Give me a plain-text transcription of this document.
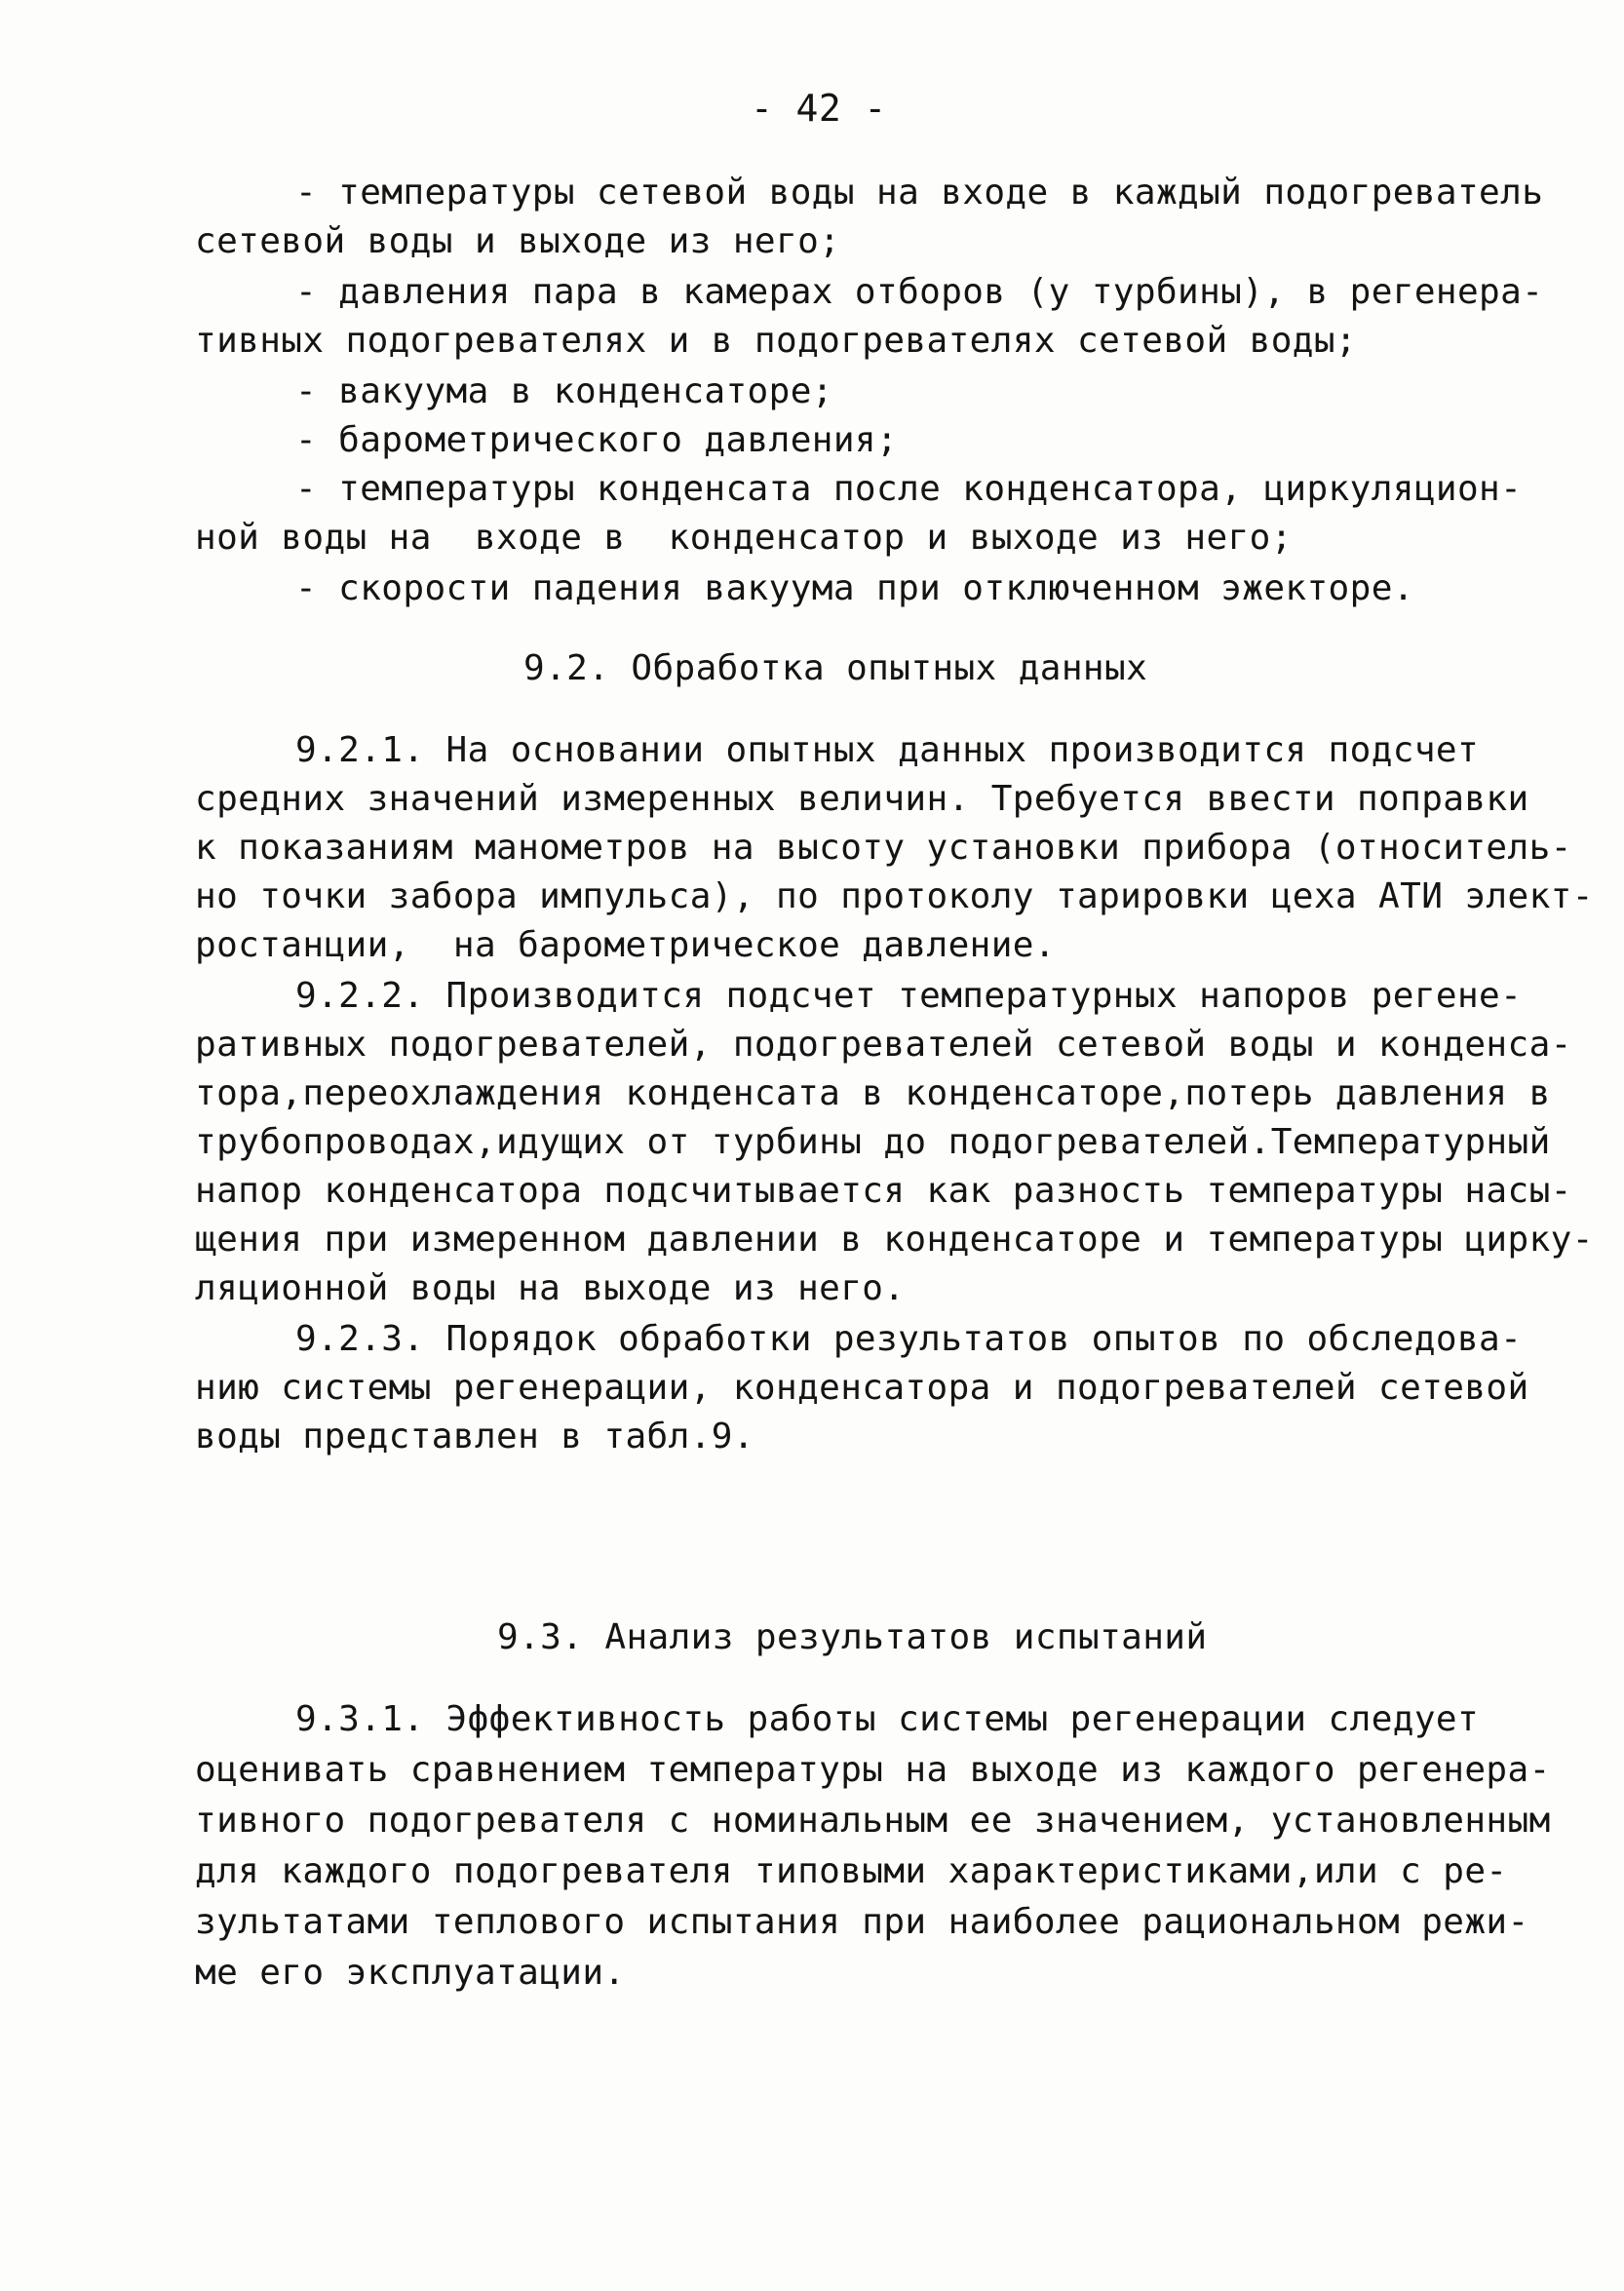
- 42 -
- температуры сетевой воды на входе в каждый подогреватель
сетевой воды и выходе из него;
- давления пара в камерах отборов (у турбины), в регенера-
тивных подогревателях и в подогревателях сетевой воды;
- вакуума в конденсаторе;
- барометрического давления;
- температуры конденсата после конденсатора, циркуляцион-
ной воды на  входе в  конденсатор и выходе из него;
- скорости падения вакуума при отключенном эжекторе.
9.2. Обработка опытных данных
9.2.1. На основании опытных данных производится подсчет
средних значений измеренных величин. Требуется ввести поправки
к показаниям манометров на высоту установки прибора (относитель-
но точки забора импульса), по протоколу тарировки цеха АТИ элект-
ростанции,  на барометрическое давление.
9.2.2. Производится подсчет температурных напоров регене-
ративных подогревателей, подогревателей сетевой воды и конденса-
тора,переохлаждения конденсата в конденсаторе,потерь давления в
трубопроводах,идущих от турбины до подогревателей.Температурный
напор конденсатора подсчитывается как разность температуры насы-
щения при измеренном давлении в конденсаторе и температуры цирку-
ляционной воды на выходе из него.
9.2.3. Порядок обработки результатов опытов по обследова-
нию системы регенерации, конденсатора и подогревателей сетевой
воды представлен в табл.9.
9.3. Анализ результатов испытаний
9.3.1. Эффективность работы системы регенерации следует
оценивать сравнением температуры на выходе из каждого регенера-
тивного подогревателя с номинальным ее значением, установленным
для каждого подогревателя типовыми характеристиками,или с ре-
зультатами теплового испытания при наиболее рациональном режи-
ме его эксплуатации.
